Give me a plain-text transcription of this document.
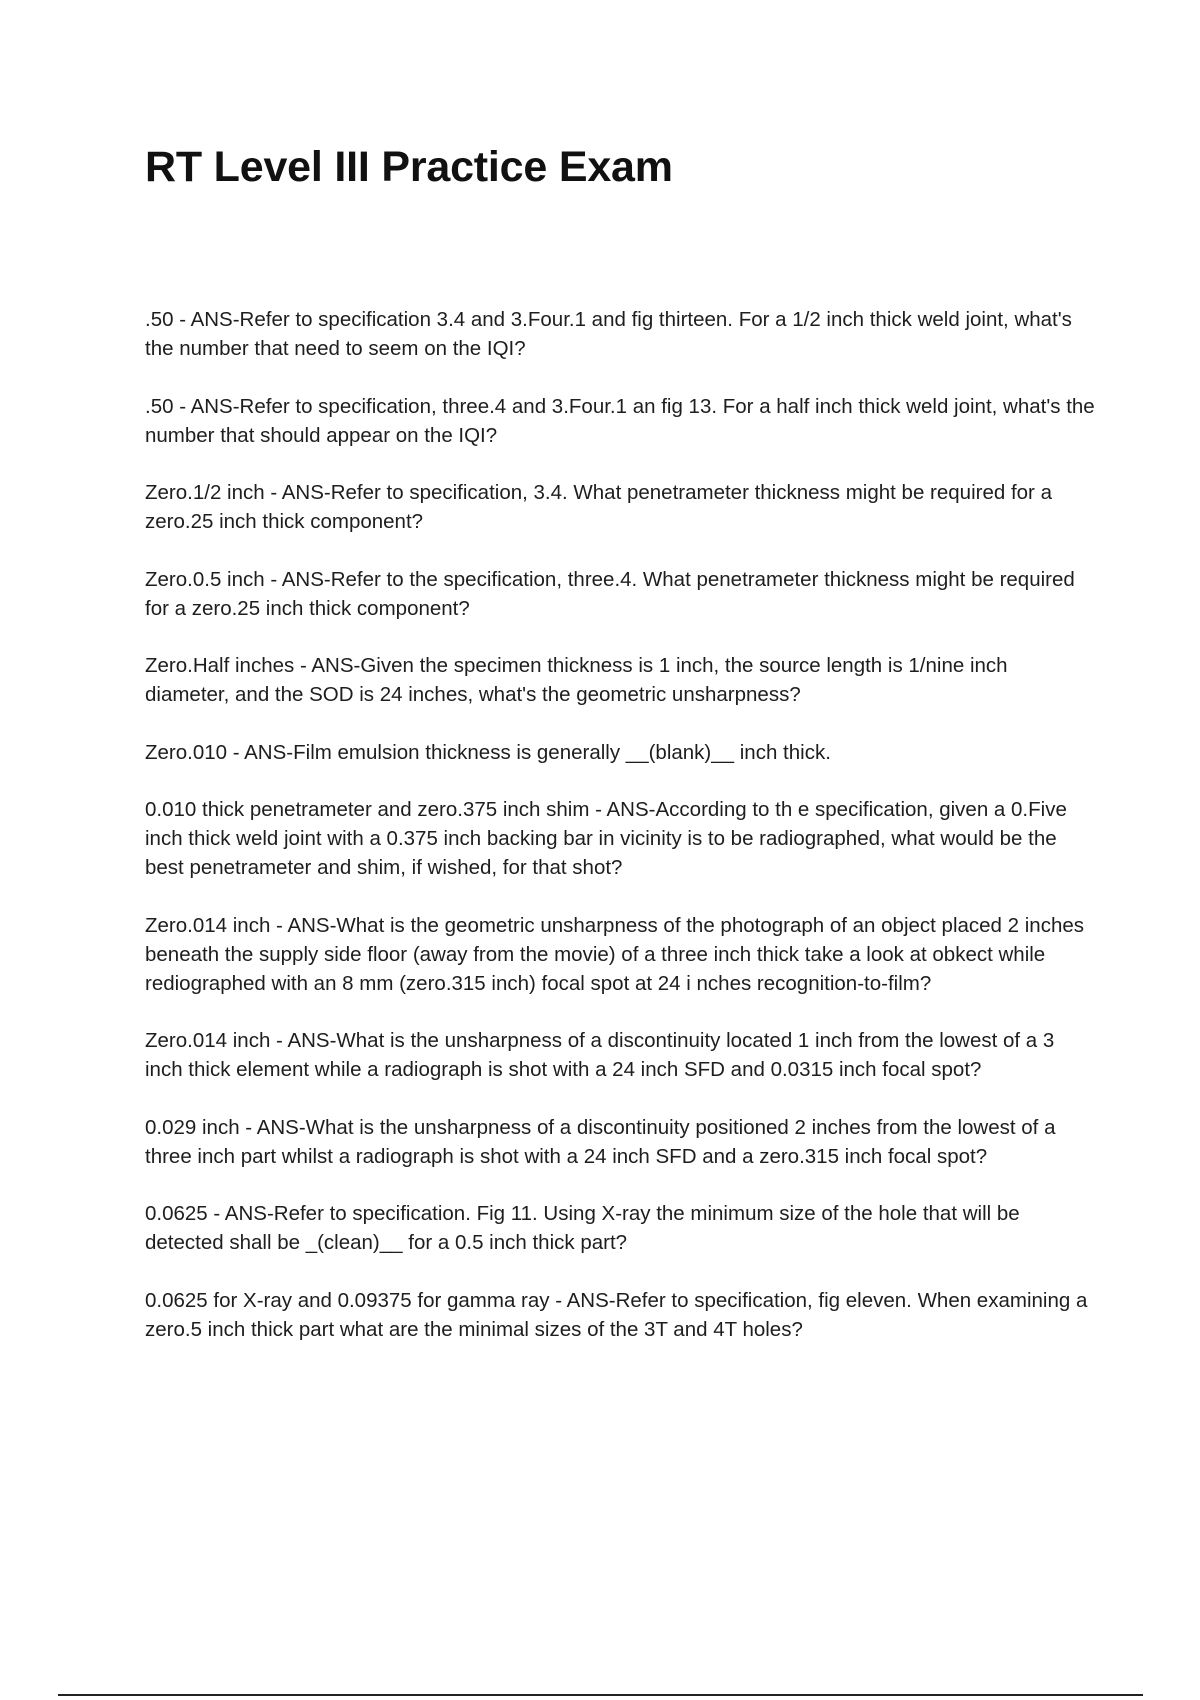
RT Level III Practice Exam
.50 - ANS-Refer to specification 3.4 and 3.Four.1 and fig thirteen. For a 1/2 inch thick weld joint, what's the number that need to seem on the IQI?
.50 - ANS-Refer to specification, three.4 and 3.Four.1 an fig 13. For a half inch thick weld joint, what's the number that should appear on the IQI?
Zero.1/2 inch - ANS-Refer to specification, 3.4. What penetrameter thickness might be required for a zero.25 inch thick component?
Zero.0.5 inch - ANS-Refer to the specification, three.4. What penetrameter thickness might be required for a zero.25 inch thick component?
Zero.Half inches - ANS-Given the specimen thickness is 1 inch, the source length is 1/nine inch diameter, and the SOD is 24 inches, what's the geometric unsharpness?
Zero.010 - ANS-Film emulsion thickness is generally __(blank)__ inch thick.
0.010 thick penetrameter and zero.375 inch shim - ANS-According to th e specification, given a 0.Five inch thick weld joint with a 0.375 inch backing bar in vicinity is to be radiographed, what would be the best penetrameter and shim, if wished, for that shot?
Zero.014 inch - ANS-What is the geometric unsharpness of the photograph of an object placed 2 inches beneath the supply side floor (away from the movie) of a three inch thick take a look at obkect while rediographed with an 8 mm (zero.315 inch) focal spot at 24 i nches recognition-to-film?
Zero.014 inch - ANS-What is the unsharpness of a discontinuity located 1 inch from the lowest of a 3 inch thick element while a radiograph is shot with a 24 inch SFD and 0.0315 inch focal spot?
0.029 inch - ANS-What is the unsharpness of a discontinuity positioned 2 inches from the lowest of a three inch part whilst a radiograph is shot with a 24 inch SFD and a zero.315 inch focal spot?
0.0625 - ANS-Refer to specification. Fig 11. Using X-ray the minimum size of the hole that will be detected shall be _(clean)__ for a 0.5 inch thick part?
0.0625 for X-ray and 0.09375 for gamma ray - ANS-Refer to specification, fig eleven. When examining a zero.5 inch thick part what are the minimal sizes of the 3T and 4T holes?
